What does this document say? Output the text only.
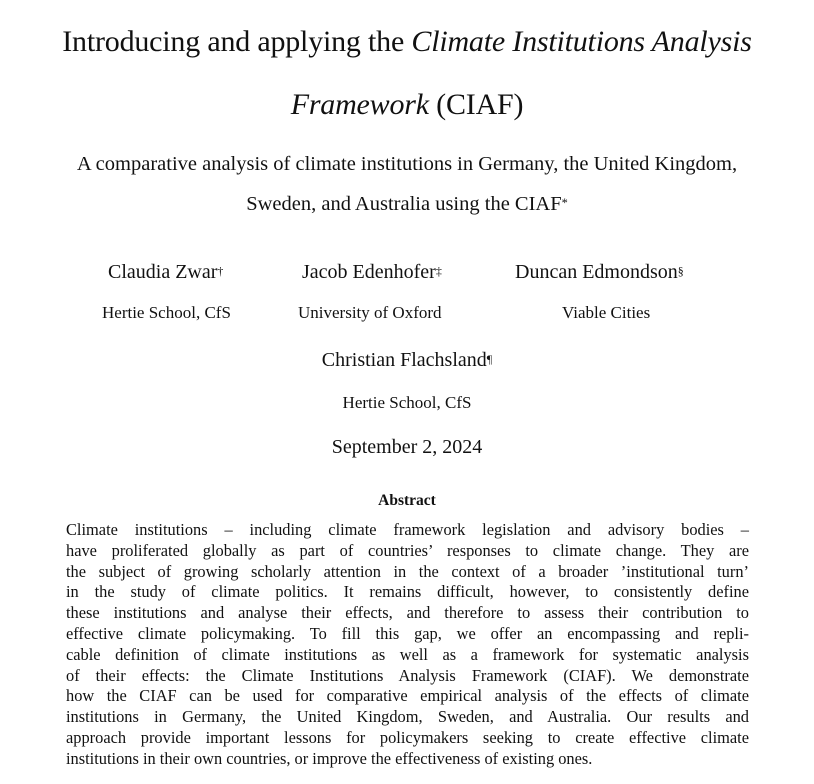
Introducing and applying the Climate Institutions Analysis
Framework (CIAF)
A comparative analysis of climate institutions in Germany, the United Kingdom,
Sweden, and Australia using the CIAF*
Claudia Zwar†
Hertie School, CfS
Jacob Edenhofer‡
University of Oxford
Duncan Edmondson§
Viable Cities
Christian Flachsland¶
Hertie School, CfS
September 2, 2024
Abstract
Climate institutions – including climate framework legislation and advisory bodies –
have proliferated globally as part of countries’ responses to climate change. They are
the subject of growing scholarly attention in the context of a broader ’institutional turn’
in the study of climate politics. It remains difficult, however, to consistently define
these institutions and analyse their effects, and therefore to assess their contribution to
effective climate policymaking. To fill this gap, we offer an encompassing and repli-
cable definition of climate institutions as well as a framework for systematic analysis
of their effects: the Climate Institutions Analysis Framework (CIAF). We demonstrate
how the CIAF can be used for comparative empirical analysis of the effects of climate
institutions in Germany, the United Kingdom, Sweden, and Australia. Our results and
approach provide important lessons for policymakers seeking to create effective climate
institutions in their own countries, or improve the effectiveness of existing ones.
